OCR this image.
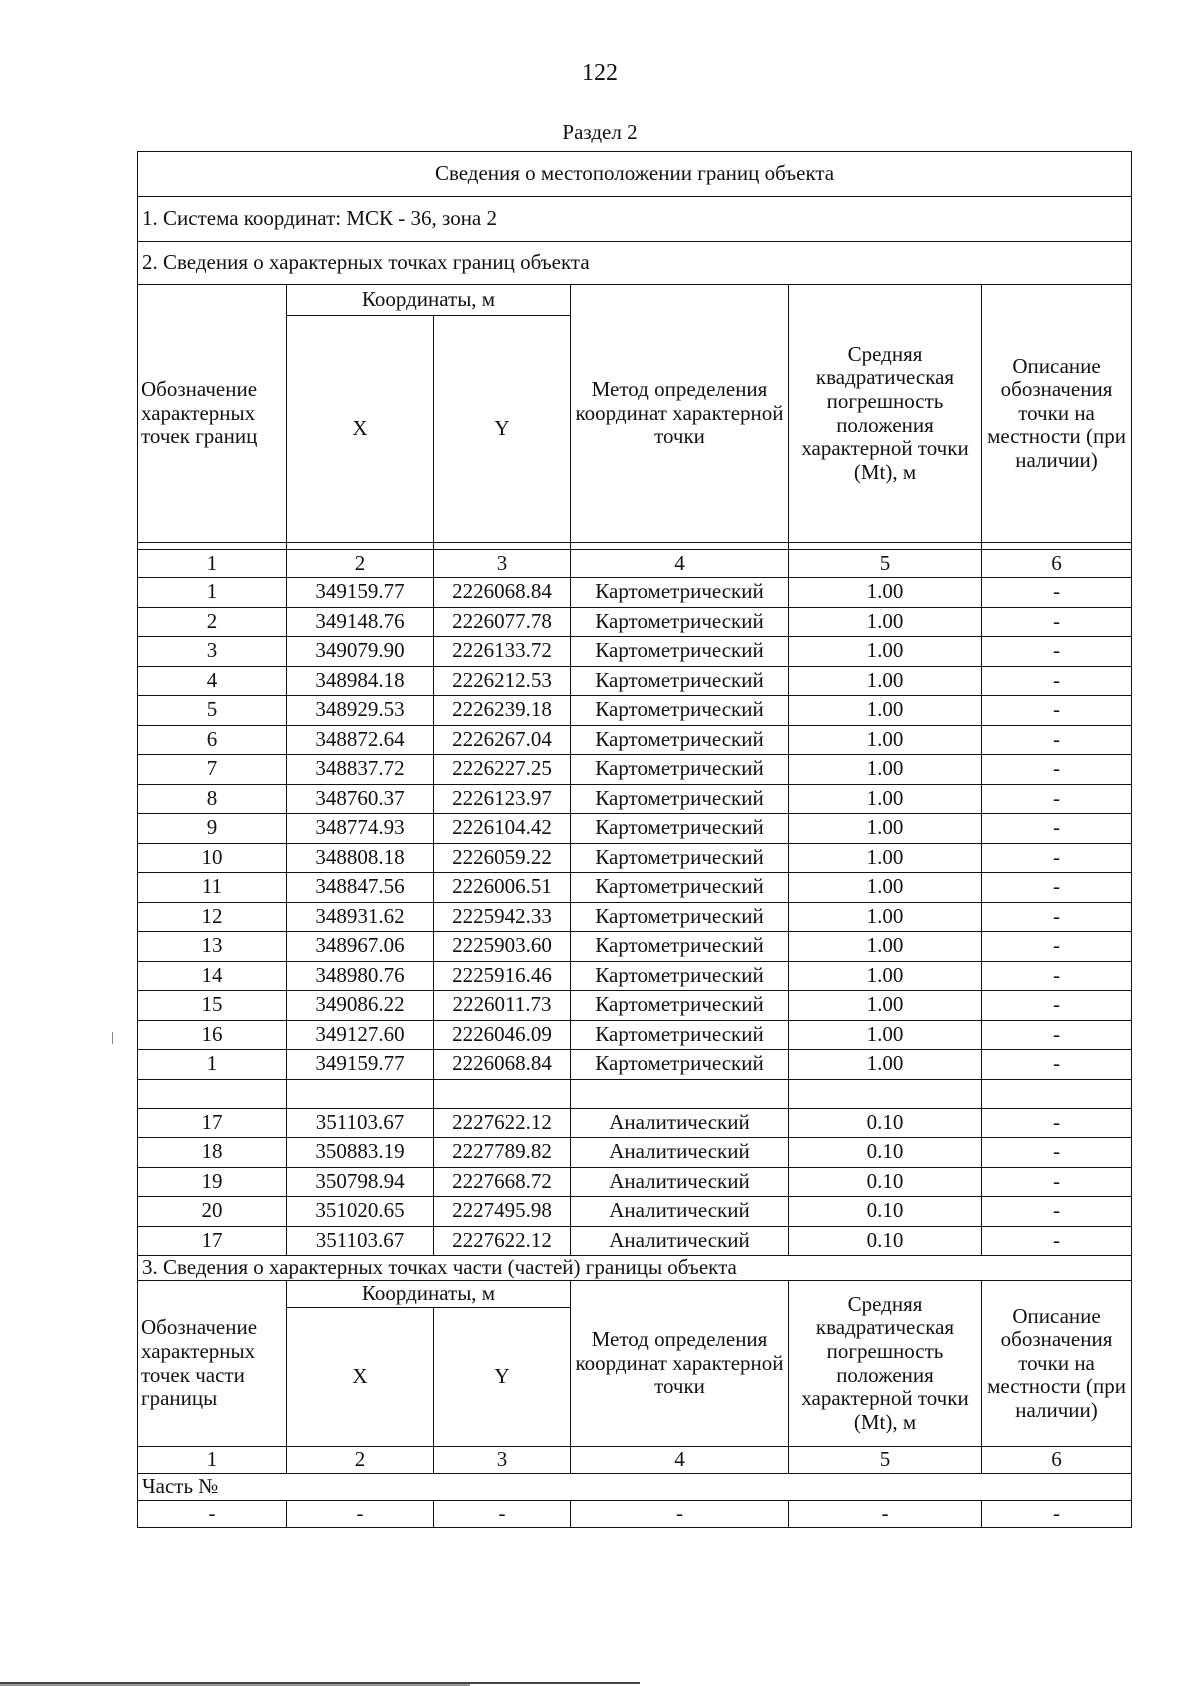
122
Раздел 2
Сведения о местоположении границ объекта					
1. Система координат: МСК - 36, зона 2					
2. Сведения о характерных точках границ объекта					
Обозначение характерных точек границ	Координаты, м		Метод определения координат характерной точки	Средняя квадратическая погрешность положения характерной точки (Mt), м	Описание обозначения точки на местности (при наличии)
	X	Y			

1	2	3	4	5	6
1	349159.77	2226068.84	Картометрический	1.00	-
2	349148.76	2226077.78	Картометрический	1.00	-
3	349079.90	2226133.72	Картометрический	1.00	-
4	348984.18	2226212.53	Картометрический	1.00	-
5	348929.53	2226239.18	Картометрический	1.00	-
6	348872.64	2226267.04	Картометрический	1.00	-
7	348837.72	2226227.25	Картометрический	1.00	-
8	348760.37	2226123.97	Картометрический	1.00	-
9	348774.93	2226104.42	Картометрический	1.00	-
10	348808.18	2226059.22	Картометрический	1.00	-
11	348847.56	2226006.51	Картометрический	1.00	-
12	348931.62	2225942.33	Картометрический	1.00	-
13	348967.06	2225903.60	Картометрический	1.00	-
14	348980.76	2225916.46	Картометрический	1.00	-
15	349086.22	2226011.73	Картометрический	1.00	-
16	349127.60	2226046.09	Картометрический	1.00	-
1	349159.77	2226068.84	Картометрический	1.00	-

17	351103.67	2227622.12	Аналитический	0.10	-
18	350883.19	2227789.82	Аналитический	0.10	-
19	350798.94	2227668.72	Аналитический	0.10	-
20	351020.65	2227495.98	Аналитический	0.10	-
17	351103.67	2227622.12	Аналитический	0.10	-
3. Сведения о характерных точках части (частей) границы объекта					
Обозначение характерных точек части границы	Координаты, м		Метод определения координат характерной точки	Средняя квадратическая погрешность положения характерной точки (Mt), м	Описание обозначения точки на местности (при наличии)
	X	Y			
1	2	3	4	5	6
Часть №					
-	-	-	-	-	-
